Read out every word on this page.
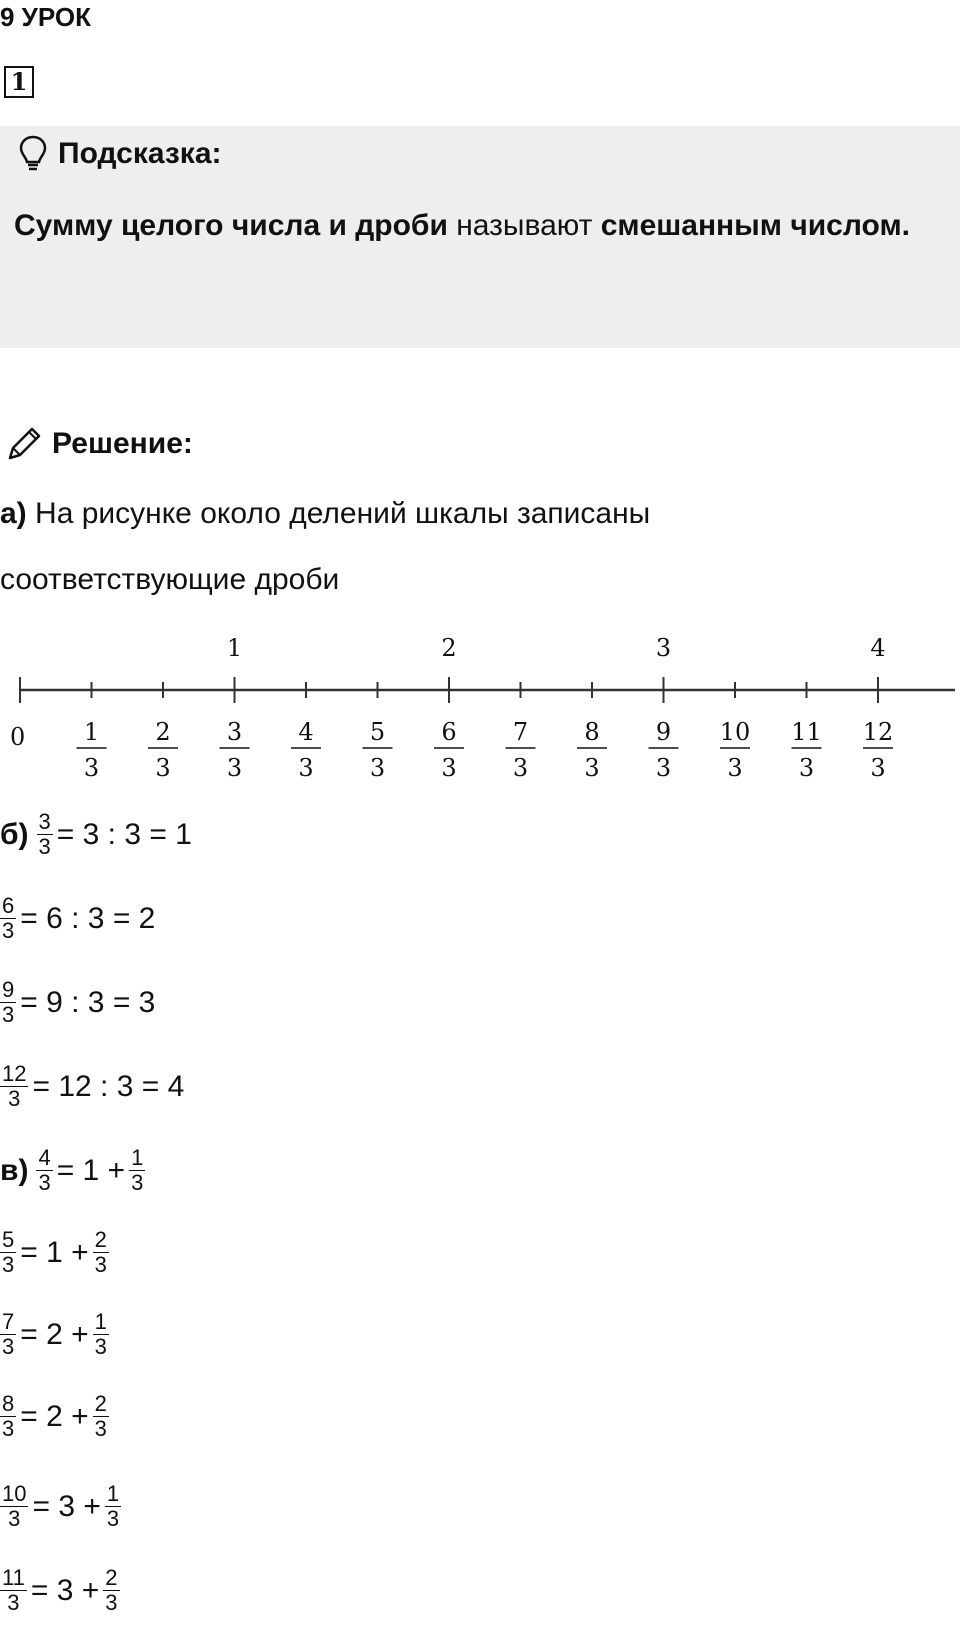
9 УРОК
1
Подсказка:
Сумму целого числа и дроби называют смешанным числом.
Решение:
а) На рисунке около делений шкалы записаны
соответствующие дроби
1	2	3	4
1
3
2
3
3
3
4
3
5
3
6
3
7
3
8
3
9
3
10
3
11
3
12
3
0
$б) \frac{3}{3} = 3$ : 3 = 1
$\frac{6}{3} = 6$ : 3 = 2
$\frac{9}{3} = 9$ : 3 = 3
$\frac{12}{3} = 12$ : 3 = 4
$в) \frac{4}{3} = 1 + \frac{1}{3}$
$\frac{5}{3} = 1 + \frac{2}{3}$
$\frac{7}{3} = 2 + \frac{1}{3}$
$\frac{8}{3} = 2 + \frac{2}{3}$
$\frac{10}{3} = 3 + \frac{1}{3}$
$\frac{11}{3} = 3 + \frac{2}{3}$
